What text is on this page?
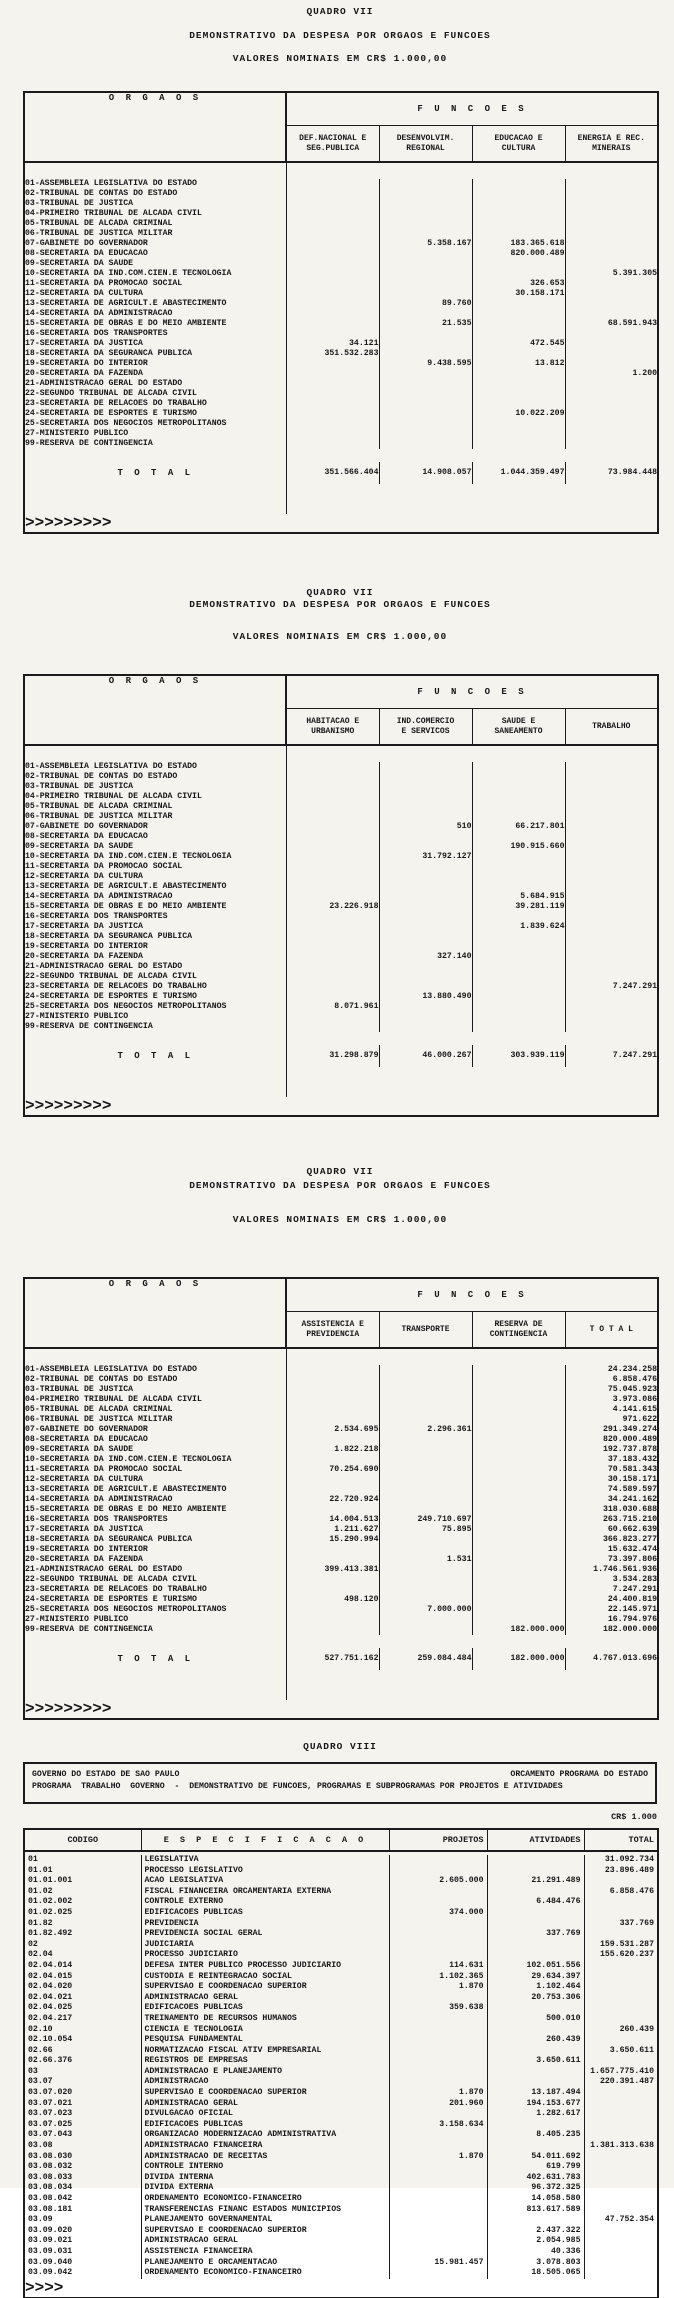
QUADRO VII
DEMONSTRATIVO DA DESPESA POR ORGAOS E FUNCOES
VALORES NOMINAIS EM CR$ 1.000,00
O R G A O S	F U N C O E S			
	DEF.NACIONAL E
SEG.PUBLICA	DESENVOLVIM.
REGIONAL	EDUCACAO E
CULTURA	ENERGIA E REC.
MINERAIS

01-ASSEMBLEIA LEGISLATIVA DO ESTADO				
02-TRIBUNAL DE CONTAS DO ESTADO				
03-TRIBUNAL DE JUSTICA				
04-PRIMEIRO TRIBUNAL DE ALCADA CIVIL				
05-TRIBUNAL DE ALCADA CRIMINAL				
06-TRIBUNAL DE JUSTICA MILITAR				
07-GABINETE DO GOVERNADOR		5.358.167	183.365.618	
08-SECRETARIA DA EDUCACAO			820.000.489	
09-SECRETARIA DA SAUDE				
10-SECRETARIA DA IND.COM.CIEN.E TECNOLOGIA				5.391.305
11-SECRETARIA DA PROMOCAO SOCIAL			326.653	
12-SECRETARIA DA CULTURA			30.158.171	
13-SECRETARIA DE AGRICULT.E ABASTECIMENTO		89.760		
14-SECRETARIA DA ADMINISTRACAO				
15-SECRETARIA DE OBRAS E DO MEIO AMBIENTE		21.535		68.591.943
16-SECRETARIA DOS TRANSPORTES				
17-SECRETARIA DA JUSTICA	34.121		472.545	
18-SECRETARIA DA SEGURANCA PUBLICA	351.532.283			
19-SECRETARIA DO INTERIOR		9.438.595	13.812	
20-SECRETARIA DA FAZENDA				1.200
21-ADMINISTRACAO GERAL DO ESTADO				
22-SEGUNDO TRIBUNAL DE ALCADA CIVIL				
23-SECRETARIA DE RELACOES DO TRABALHO				
24-SECRETARIA DE ESPORTES E TURISMO			10.022.209	
25-SECRETARIA DOS NEGOCIOS METROPOLITANOS				
27-MINISTERIO PUBLICO				
99-RESERVA DE CONTINGENCIA				

T O T A L	351.566.404	14.908.057	1.044.359.497	73.984.448

>>>>>>>>>
QUADRO VII
DEMONSTRATIVO DA DESPESA POR ORGAOS E FUNCOES
VALORES NOMINAIS EM CR$ 1.000,00
O R G A O S	F U N C O E S			
	HABITACAO E
URBANISMO	IND.COMERCIO
E SERVICOS	SAUDE E
SANEAMENTO	TRABALHO

01-ASSEMBLEIA LEGISLATIVA DO ESTADO				
02-TRIBUNAL DE CONTAS DO ESTADO				
03-TRIBUNAL DE JUSTICA				
04-PRIMEIRO TRIBUNAL DE ALCADA CIVIL				
05-TRIBUNAL DE ALCADA CRIMINAL				
06-TRIBUNAL DE JUSTICA MILITAR				
07-GABINETE DO GOVERNADOR		510	66.217.801	
08-SECRETARIA DA EDUCACAO				
09-SECRETARIA DA SAUDE			190.915.660	
10-SECRETARIA DA IND.COM.CIEN.E TECNOLOGIA		31.792.127		
11-SECRETARIA DA PROMOCAO SOCIAL				
12-SECRETARIA DA CULTURA				
13-SECRETARIA DE AGRICULT.E ABASTECIMENTO				
14-SECRETARIA DA ADMINISTRACAO			5.684.915	
15-SECRETARIA DE OBRAS E DO MEIO AMBIENTE	23.226.918		39.281.119	
16-SECRETARIA DOS TRANSPORTES				
17-SECRETARIA DA JUSTICA			1.839.624	
18-SECRETARIA DA SEGURANCA PUBLICA				
19-SECRETARIA DO INTERIOR				
20-SECRETARIA DA FAZENDA		327.140		
21-ADMINISTRACAO GERAL DO ESTADO				
22-SEGUNDO TRIBUNAL DE ALCADA CIVIL				
23-SECRETARIA DE RELACOES DO TRABALHO				7.247.291
24-SECRETARIA DE ESPORTES E TURISMO		13.880.490		
25-SECRETARIA DOS NEGOCIOS METROPOLITANOS	8.071.961			
27-MINISTERIO PUBLICO				
99-RESERVA DE CONTINGENCIA				

T O T A L	31.298.879	46.000.267	303.939.119	7.247.291

>>>>>>>>>
QUADRO VII
DEMONSTRATIVO DA DESPESA POR ORGAOS E FUNCOES
VALORES NOMINAIS EM CR$ 1.000,00
O R G A O S	F U N C O E S			
	ASSISTENCIA E
PREVIDENCIA	TRANSPORTE	RESERVA DE
CONTINGENCIA	T O T A L

01-ASSEMBLEIA LEGISLATIVA DO ESTADO				24.234.258
02-TRIBUNAL DE CONTAS DO ESTADO				6.858.476
03-TRIBUNAL DE JUSTICA				75.045.923
04-PRIMEIRO TRIBUNAL DE ALCADA CIVIL				3.973.086
05-TRIBUNAL DE ALCADA CRIMINAL				4.141.615
06-TRIBUNAL DE JUSTICA MILITAR				971.622
07-GABINETE DO GOVERNADOR	2.534.695	2.296.361		291.349.274
08-SECRETARIA DA EDUCACAO				820.000.489
09-SECRETARIA DA SAUDE	1.822.218			192.737.878
10-SECRETARIA DA IND.COM.CIEN.E TECNOLOGIA				37.183.432
11-SECRETARIA DA PROMOCAO SOCIAL	70.254.690			70.581.343
12-SECRETARIA DA CULTURA				30.158.171
13-SECRETARIA DE AGRICULT.E ABASTECIMENTO				74.589.597
14-SECRETARIA DA ADMINISTRACAO	22.720.924			34.241.162
15-SECRETARIA DE OBRAS E DO MEIO AMBIENTE				318.030.688
16-SECRETARIA DOS TRANSPORTES	14.004.513	249.710.697		263.715.210
17-SECRETARIA DA JUSTICA	1.211.627	75.895		60.662.639
18-SECRETARIA DA SEGURANCA PUBLICA	15.290.994			366.823.277
19-SECRETARIA DO INTERIOR				15.632.474
20-SECRETARIA DA FAZENDA		1.531		73.397.806
21-ADMINISTRACAO GERAL DO ESTADO	399.413.381			1.746.561.936
22-SEGUNDO TRIBUNAL DE ALCADA CIVIL				3.534.283
23-SECRETARIA DE RELACOES DO TRABALHO				7.247.291
24-SECRETARIA DE ESPORTES E TURISMO	498.120			24.400.819
25-SECRETARIA DOS NEGOCIOS METROPOLITANOS		7.000.000		22.145.971
27-MINISTERIO PUBLICO				16.794.976
99-RESERVA DE CONTINGENCIA			182.000.000	182.000.000

T O T A L	527.751.162	259.084.484	182.000.000	4.767.013.696

>>>>>>>>>
QUADRO VIII
GOVERNO DO ESTADO DE SAO PAULO	ORCAMENTO PROGRAMA DO ESTADO
PROGRAMA  TRABALHO  GOVERNO  -  DEMONSTRATIVO DE FUNCOES, PROGRAMAS E SUBPROGRAMAS POR PROJETOS E ATIVIDADES
CR$ 1.000
CODIGO	E S P E C I F I C A C A O	PROJETOS	ATIVIDADES	TOTAL

01	LEGISLATIVA			31.092.734
01.01	PROCESSO LEGISLATIVO			23.896.489
01.01.001	ACAO LEGISLATIVA	2.605.000	21.291.489	
01.02	FISCAL FINANCEIRA ORCAMENTARIA EXTERNA			6.858.476
01.02.002	CONTROLE EXTERNO		6.484.476	
01.02.025	EDIFICACOES PUBLICAS	374.000		
01.82	PREVIDENCIA			337.769
01.82.492	PREVIDENCIA SOCIAL GERAL		337.769	
02	JUDICIARIA			159.531.287
02.04	PROCESSO JUDICIARIO			155.620.237
02.04.014	DEFESA INTER PUBLICO PROCESSO JUDICIARIO	114.631	102.051.556	
02.04.015	CUSTODIA E REINTEGRACAO SOCIAL	1.102.365	29.634.397	
02.04.020	SUPERVISAO E COORDENACAO SUPERIOR	1.870	1.102.464	
02.04.021	ADMINISTRACAO GERAL		20.753.306	
02.04.025	EDIFICACOES PUBLICAS	359.638		
02.04.217	TREINAMENTO DE RECURSOS HUMANOS		500.010	
02.10	CIENCIA E TECNOLOGIA			260.439
02.10.054	PESQUISA FUNDAMENTAL		260.439	
02.66	NORMATIZACAO FISCAL ATIV EMPRESARIAL			3.650.611
02.66.376	REGISTROS DE EMPRESAS		3.650.611	
03	ADMINISTRACAO E PLANEJAMENTO			1.657.775.410
03.07	ADMINISTRACAO			220.391.487
03.07.020	SUPERVISAO E COORDENACAO SUPERIOR	1.870	13.187.494	
03.07.021	ADMINISTRACAO GERAL	201.960	194.153.677	
03.07.023	DIVULGACAO OFICIAL		1.282.617	
03.07.025	EDIFICACOES PUBLICAS	3.158.634		
03.07.043	ORGANIZACAO MODERNIZACAO ADMINISTRATIVA		8.405.235	
03.08	ADMINISTRACAO FINANCEIRA			1.381.313.638
03.08.030	ADMINISTRACAO DE RECEITAS	1.870	54.011.692	
03.08.032	CONTROLE INTERNO		619.799	
03.08.033	DIVIDA INTERNA		402.631.783	
03.08.034	DIVIDA EXTERNA		96.372.325	
03.08.042	ORDENAMENTO ECONOMICO-FINANCEIRO		14.058.580	
03.08.181	TRANSFERENCIAS FINANC ESTADOS MUNICIPIOS		813.617.589	
03.09	PLANEJAMENTO GOVERNAMENTAL			47.752.354
03.09.020	SUPERVISAO E COORDENACAO SUPERIOR		2.437.322	
03.09.021	ADMINISTRACAO GERAL		2.054.985	
03.09.031	ASSISTENCIA FINANCEIRA		40.336	
03.09.040	PLANEJAMENTO E ORCAMENTACAO	15.981.457	3.078.803	
03.09.042	ORDENAMENTO ECONOMICO-FINANCEIRO		18.505.065	
>>>>
